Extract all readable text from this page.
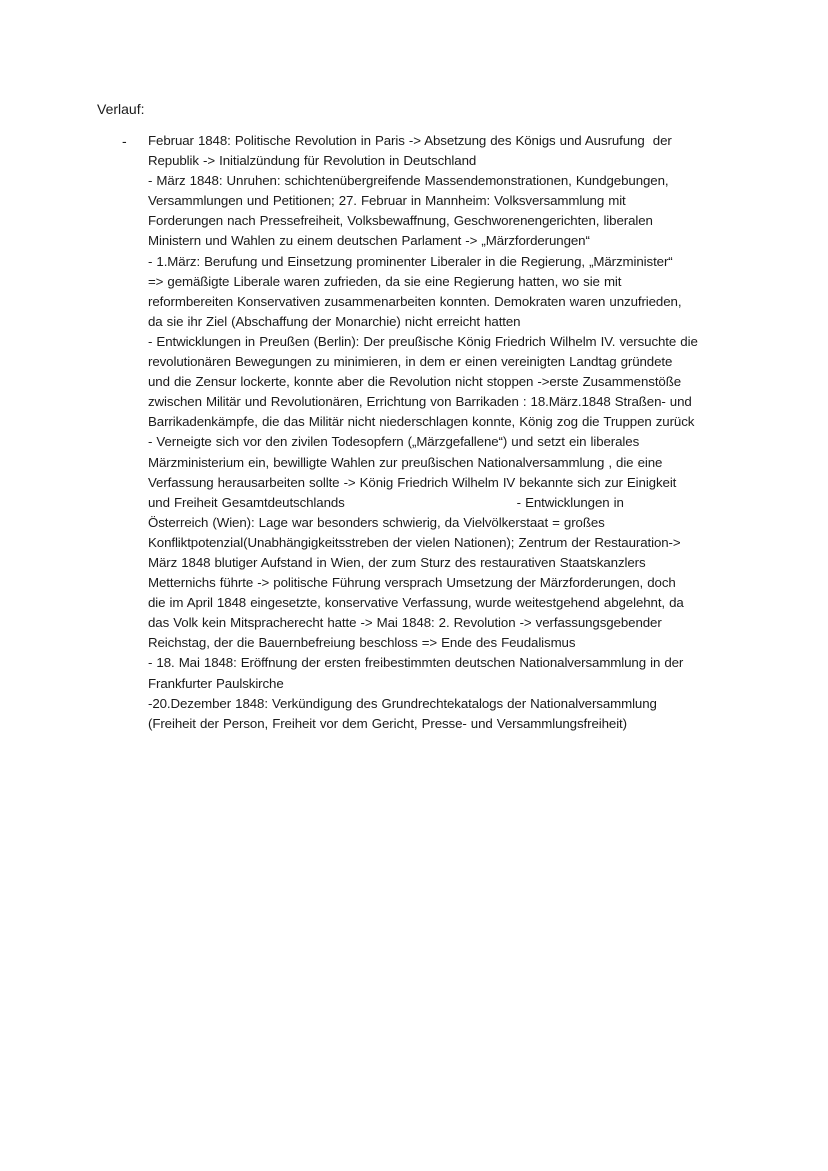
Verlauf:
- Februar 1848: Politische Revolution in Paris -> Absetzung des Königs und Ausrufung  der
Republik -> Initialzündung für Revolution in Deutschland
- März 1848: Unruhen: schichtenübergreifende Massendemonstrationen, Kundgebungen,
Versammlungen und Petitionen; 27. Februar in Mannheim: Volksversammlung mit
Forderungen nach Pressefreiheit, Volksbewaffnung, Geschworenengerichten, liberalen
Ministern und Wahlen zu einem deutschen Parlament -> „Märzforderungen“
- 1.März: Berufung und Einsetzung prominenter Liberaler in die Regierung, „Märzminister“
=> gemäßigte Liberale waren zufrieden, da sie eine Regierung hatten, wo sie mit
reformbereiten Konservativen zusammenarbeiten konnten. Demokraten waren unzufrieden,
da sie ihr Ziel (Abschaffung der Monarchie) nicht erreicht hatten
- Entwicklungen in Preußen (Berlin): Der preußische König Friedrich Wilhelm IV. versuchte die
revolutionären Bewegungen zu minimieren, in dem er einen vereinigten Landtag gründete
und die Zensur lockerte, konnte aber die Revolution nicht stoppen ->erste Zusammenstöße
zwischen Militär und Revolutionären, Errichtung von Barrikaden : 18.März.1848 Straßen- und
Barrikadenkämpfe, die das Militär nicht niederschlagen konnte, König zog die Truppen zurück
- Verneigte sich vor den zivilen Todesopfern („Märzgefallene“) und setzt ein liberales
Märzministerium ein, bewilligte Wahlen zur preußischen Nationalversammlung , die eine
Verfassung herausarbeiten sollte -> König Friedrich Wilhelm IV bekannte sich zur Einigkeit
und Freiheit Gesamtdeutschlands                                          - Entwicklungen in
Österreich (Wien): Lage war besonders schwierig, da Vielvölkerstaat = großes
Konfliktpotenzial(Unabhängigkeitsstreben der vielen Nationen); Zentrum der Restauration->
März 1848 blutiger Aufstand in Wien, der zum Sturz des restaurativen Staatskanzlers
Metternichs führte -> politische Führung versprach Umsetzung der Märzforderungen, doch
die im April 1848 eingesetzte, konservative Verfassung, wurde weitestgehend abgelehnt, da
das Volk kein Mitspracherecht hatte -> Mai 1848: 2. Revolution -> verfassungsgebender
Reichstag, der die Bauernbefreiung beschloss => Ende des Feudalismus
- 18. Mai 1848: Eröffnung der ersten freibestimmten deutschen Nationalversammlung in der
Frankfurter Paulskirche
-20.Dezember 1848: Verkündigung des Grundrechtekatalogs der Nationalversammlung
(Freiheit der Person, Freiheit vor dem Gericht, Presse- und Versammlungsfreiheit)
